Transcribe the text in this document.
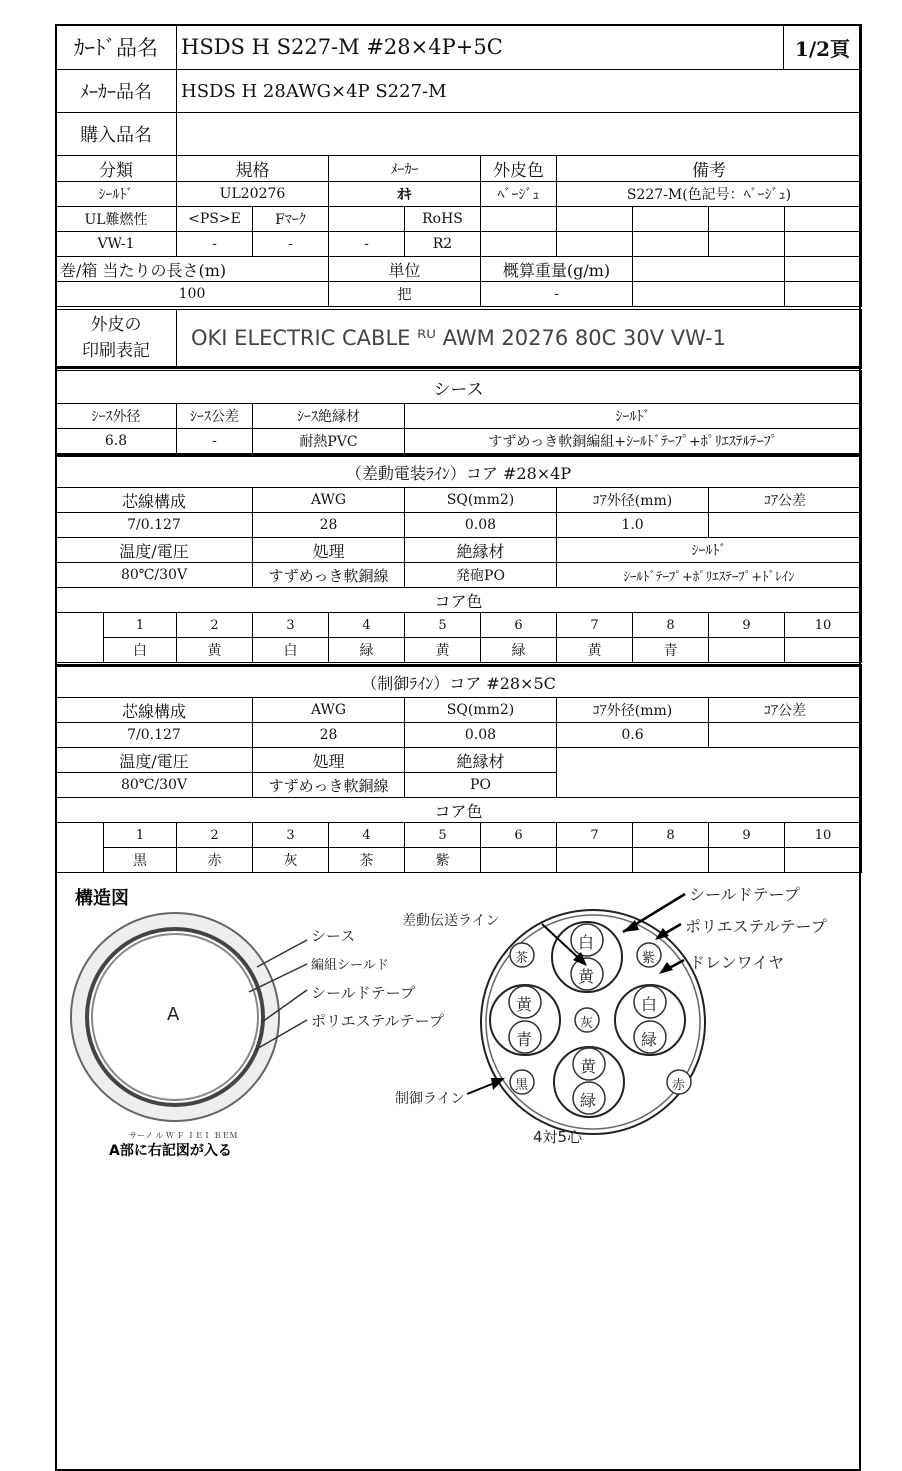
ｶｰﾄﾞ品名	HSDS H S227-M #28×4P+5C	1/2頁
ﾒｰｶｰ品名	HSDS H 28AWG×4P S227-M	
購入品名		
分類	規格		ﾒｰｶｰ		外皮色	備考			
ｼｰﾙﾄﾞ	UL20276		ｵｷ		ﾍﾞｰｼﾞｭ	S227-M(色記号：ﾍﾞｰｼﾞｭ)			
UL難燃性	<PS>E	Fﾏｰｸ		RoHS					
VW-1	-	-	-	R2					
巻/箱 当たりの長さ(m)			単位		概算重量(g/m)				
100			把		-				
外皮の
印刷表記	OKI ELECTRIC CABLE ᴿᵁ AWM 20276 80C 30V VW-1
シース			
ｼｰｽ外径	ｼｰｽ公差	ｼｰｽ絶縁材	ｼｰﾙﾄﾞ
6.8	-	耐熱PVC	すずめっき軟銅編組+ｼｰﾙﾄﾞﾃｰﾌﾟ+ﾎﾟﾘｴｽﾃﾙﾃｰﾌﾟ
（差動電装ﾗｲﾝ）コア #28×4P										
芯線構成			AWG		SQ(mm2)		ｺｱ外径(mm)		ｺｱ公差	
7/0.127			28		0.08		1.0			
温度/電圧			処理		絶縁材		ｼｰﾙﾄﾞ			
80℃/30V			すずめっき軟銅線		発砲PO		ｼｰﾙﾄﾞﾃｰﾌﾟ+ﾎﾟﾘｴｽﾃｰﾌﾟ+ﾄﾞﾚｲﾝ			
コア色										
	1	2	3	4	5	6	7	8	9	10
	白	黄	白	緑	黄	緑	黄	青		
（制御ﾗｲﾝ）コア #28×5C										
芯線構成			AWG		SQ(mm2)		ｺｱ外径(mm)		ｺｱ公差	
7/0.127			28		0.08		0.6			
温度/電圧			処理		絶縁材					
80℃/30V			すずめっき軟銅線		PO					
コア色										
	1	2	3	4	5	6	7	8	9	10
	黒	赤	灰	茶	紫					
構造図
シース
編組シールド
シールドテープ
ポリエステルテープ
A
サーノ ル Ｗ Ｆ ＩＥＩ ＢＥＭ
A部に右記図が入る
シールドテープ
ポリエステルテープ
ドレンワイヤ
差動伝送ライン
制御ライン
4対5心
白
黄
白
緑
黄
緑
黄
青
灰
茶	紫
黒	赤
